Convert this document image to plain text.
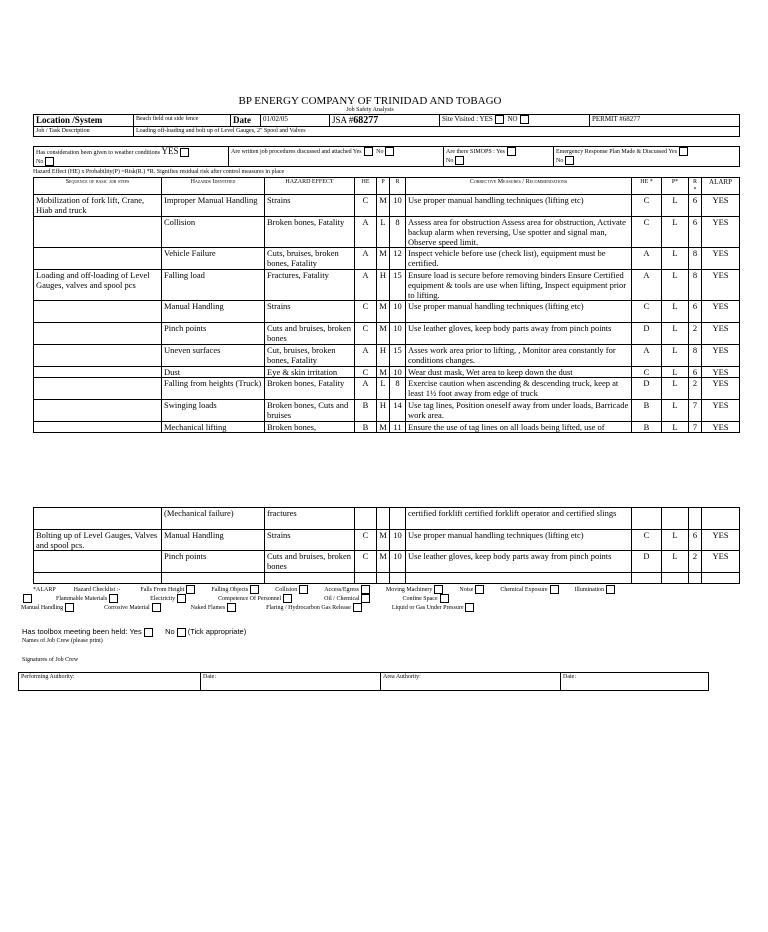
BP ENERGY COMPANY OF TRINIDAD AND TOBAGO
Job Safety Analysis
Location /System	Beach field out side fence	Date	01/02/05	JSA #68277	Site Visited : YES NO	PERMIT #68277
Job / Task Description	Loading off-loading and bolt up of Level Gauges, 2" Spool and Valves					
Has consideration been given to weather conditions YES
No	Are written job procedures discussed and attached Yes No	Are there SIMOPS : Yes
No	Emergency Response Plan Made & Discussed Yes
No
Hazard Effect (HE) x Probability(P) =Risk(R.) *R. Signifies residual risk after control measures in place
Sequence of basic job steps	Hazards Identified	HAZARD EFFECT	HE	P	R	Corrective Measures / Recommendations	HE *	P*	R *	ALARP
Mobilization of fork lift, Crane, Hiab and truck	Improper Manual Handling	Strains	C	M	10	Use proper manual handling techniques (lifting etc)	C	L	6	YES
	Collision	Broken bones, Fatality	A	L	8	Assess area for obstruction Assess area for obstruction, Activate backup alarm when reversing, Use spotter and signal man, Observe speed limit.	C	L	6	YES
	Vehicle Failure	Cuts, bruises, broken bones, Fatality	A	M	12	Inspect vehicle before use (check list), equipment must be certified.	A	L	8	YES
Loading and off-loading of Level Gauges, valves and spool pcs	Falling load	Fractures, Fatality	A	H	15	Ensure load is secure before removing binders Ensure Certified equipment & tools are use when lifting, Inspect equipment prior to lifting.	A	L	8	YES
	Manual Handling	Strains	C	M	10	Use proper manual handling techniques (lifting etc)	C	L	6	YES
	Pinch points	Cuts and bruises, broken bones	C	M	10	Use leather gloves, keep body parts away from pinch points	D	L	2	YES
	Uneven surfaces	Cut, bruises, broken bones, Fatality	A	H	15	Asses work area prior to lifting, , Monitor area constantly for conditions changes.	A	L	8	YES
	Dust	Eye & skin irritation	C	M	10	Wear dust mask, Wet area to keep down the dust	C	L	6	YES
	Falling from heights (Truck)	Broken bones, Fatality	A	L	8	Exercise caution when ascending & descending truck, keep at least 1½ foot away from edge of truck	D	L	2	YES
	Swinging loads	Broken bones, Cuts and bruises	B	H	14	Use tag lines, Position oneself away from under loads, Barricade work area.	B	L	7	YES
	Mechanical lifting	Broken bones,	B	M	11	Ensure the use of tag lines on all loads being lifted, use of	B	L	7	YES
	(Mechanical failure)	fractures				certified forklift certified forklift operator and certified slings				
Bolting up of Level Gauges, Valves and spool pcs.	Manual Handling	Strains	C	M	10	Use proper manual handling techniques (lifting etc)	C	L	6	YES
	Pinch points	Cuts and bruises, broken bones	C	M	10	Use leather gloves, keep body parts away from pinch points	D	L	2	YES

*ALARP	Hazard Checklist :-	Falls From Height	Falling Objects	Collision	Access/Egress	Moving Machinery	Noise	Chemical Exposure	Illumination
Flammable Materials	Electricity	Competence Of Personnel	Oil / Chemical	Confine Space
Manual Handling	Corrosive Material	Naked Flames	Flaring / Hydrocarbon Gas Release	Liquid or Gas Under Pressure
Has toolbox meeting been held: Yes	No (Tick appropriate)
Names of Job Crew (please print)
Signatures of Job Crew
Performing Authority:	Date:	Area Authority:	Date:
